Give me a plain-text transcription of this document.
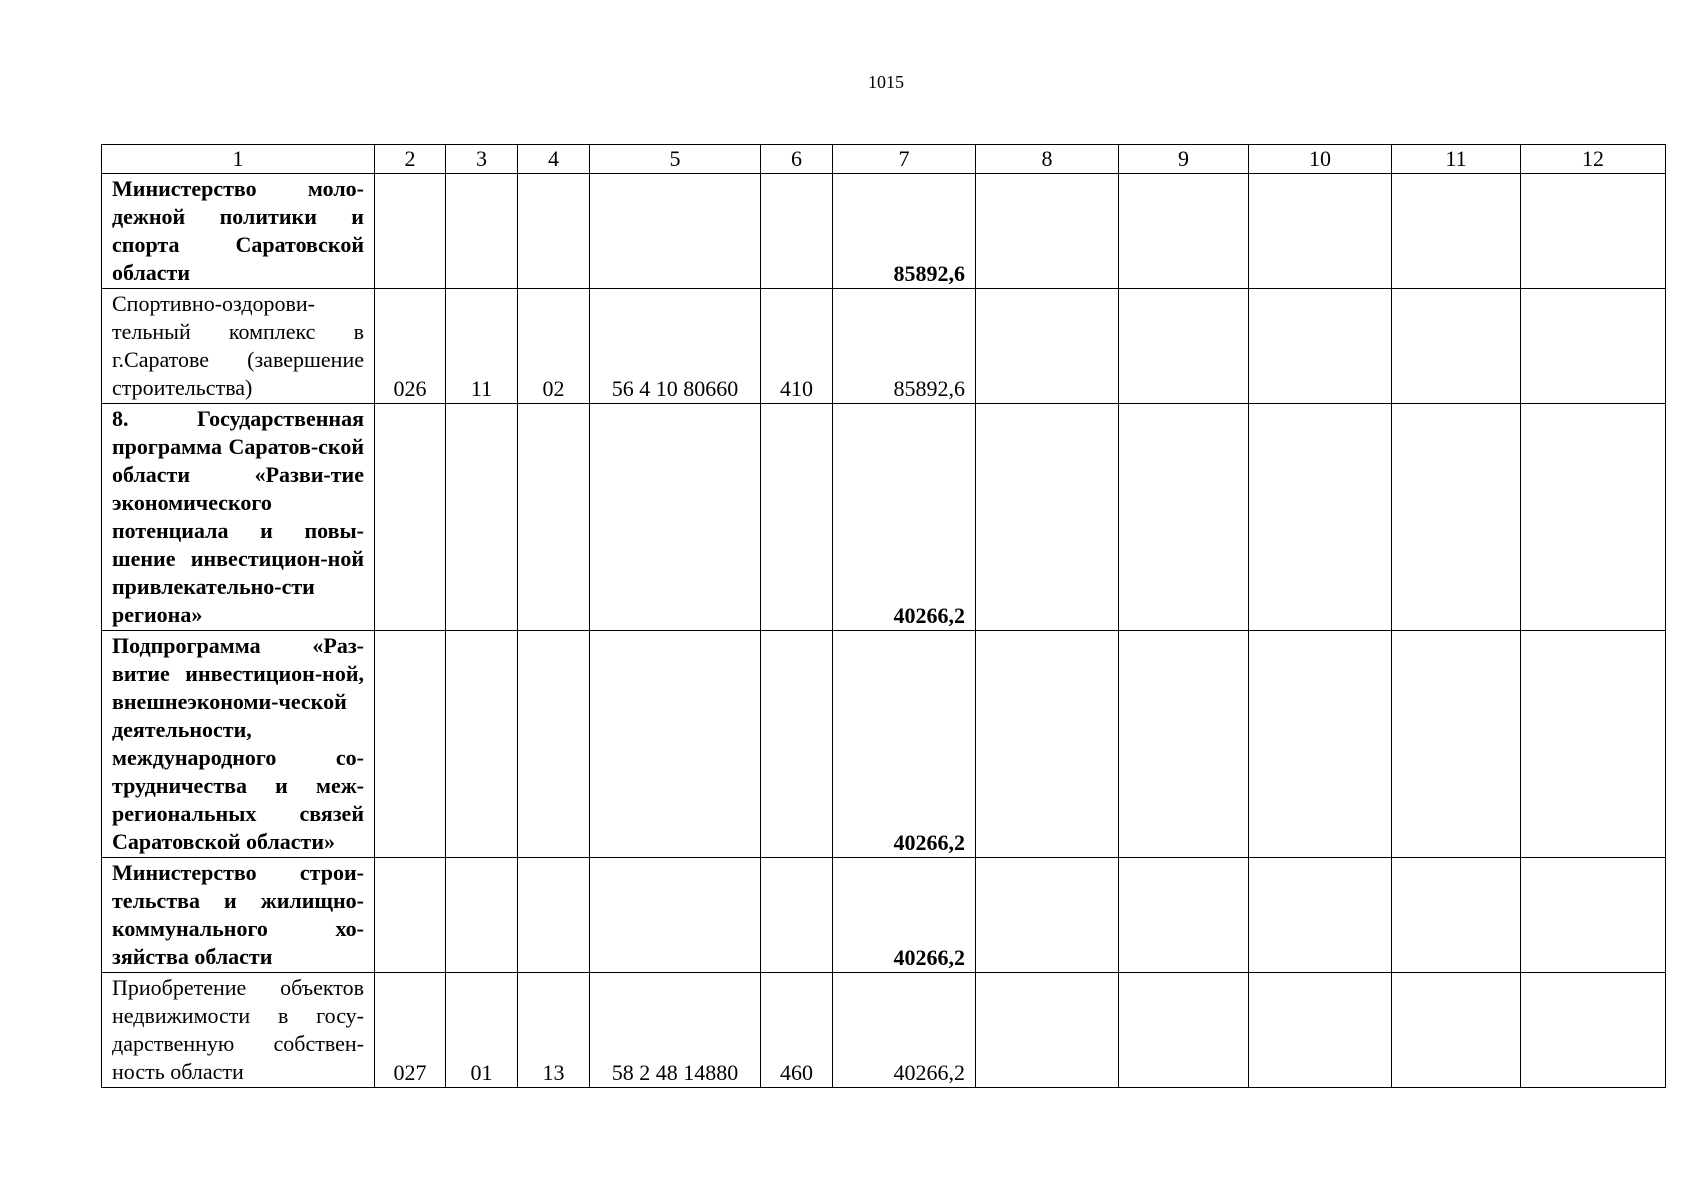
1015
1	2	3	4	5	6	7	8	9	10	11	12
Министерство моло-дежной политики и спорта Саратовской области						85892,6					
Спортивно-оздорови-тельный комплекс в г.Саратове (завершение строительства)	026	11	02	56 4 10 80660	410	85892,6					
8. Государственная программа Саратов-ской области «Разви-тие экономического потенциала и повы-шение инвестицион-ной привлекательно-сти региона»						40266,2					
Подпрограмма «Раз-витие инвестицион-ной, внешнеэкономи-ческой деятельности, международного со-трудничества и меж-региональных связей Саратовской области»						40266,2					
Министерство строи-тельства и жилищно-коммунального хо-зяйства области						40266,2					
Приобретение объектов недвижимости в госу-дарственную собствен-ность области	027	01	13	58 2 48 14880	460	40266,2					
